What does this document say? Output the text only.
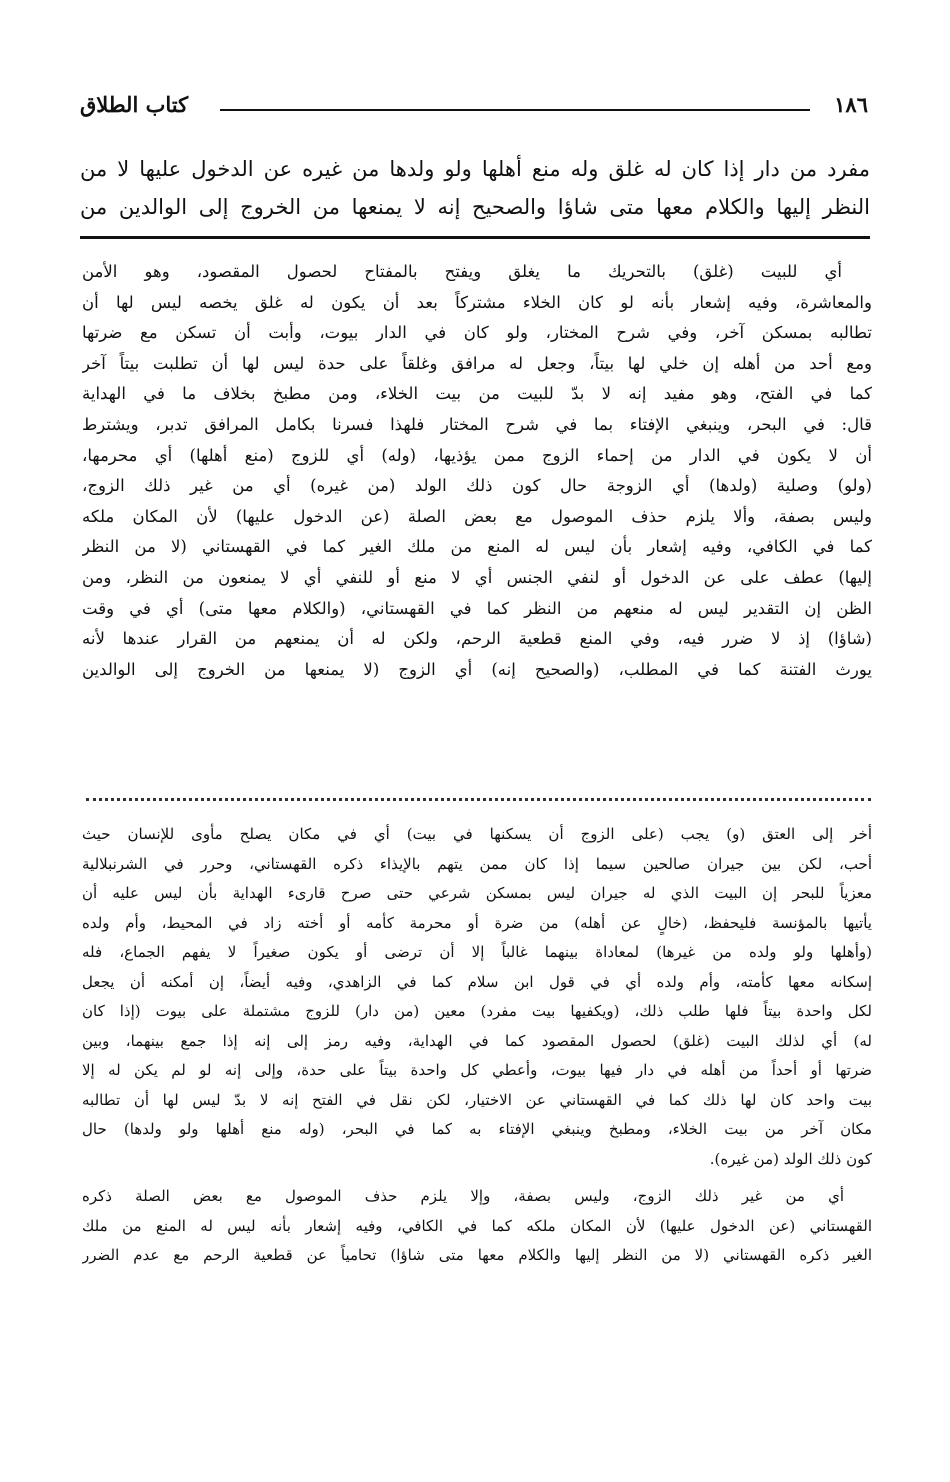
١٨٦
كتاب الطلاق
مفرد من دار إذا كان له غلق وله منع أهلها ولو ولدها من غيره عن الدخول عليها لا من
النظر إليها والكلام معها متى شاؤا والصحيح إنه لا يمنعها من الخروج إلى الوالدين من
أي للبيت (غلق) بالتحريك ما يغلق ويفتح بالمفتاح لحصول المقصود، وهو الأمن
والمعاشرة، وفيه إشعار بأنه لو كان الخلاء مشتركاً بعد أن يكون له غلق يخصه ليس لها أن
تطالبه بمسكن آخر، وفي شرح المختار، ولو كان في الدار بيوت، وأبت أن تسكن مع ضرتها
ومع أحد من أهله إن خلي لها بيتاً، وجعل له مرافق وغلقاً على حدة ليس لها أن تطلبت بيتاً آخر
كما في الفتح، وهو مفيد إنه لا بدّ للبيت من بيت الخلاء، ومن مطبخ بخلاف ما في الهداية
قال: في البحر، وينبغي الإفتاء بما في شرح المختار فلهذا فسرنا بكامل المرافق تدبر، ويشترط
أن لا يكون في الدار من إحماء الزوج ممن يؤذيها، (وله) أي للزوج (منع أهلها) أي محرمها،
(ولو) وصلية (ولدها) أي الزوجة حال كون ذلك الولد (من غيره) أي من غير ذلك الزوج،
وليس بصفة، وألا يلزم حذف الموصول مع بعض الصلة (عن الدخول عليها) لأن المكان ملكه
كما في الكافي، وفيه إشعار بأن ليس له المنع من ملك الغير كما في القهستاني (لا من النظر
إليها) عطف على عن الدخول أو لنفي الجنس أي لا منع أو للنفي أي لا يمنعون من النظر، ومن
الظن إن التقدير ليس له منعهم من النظر كما في القهستاني، (والكلام معها متى) أي في وقت
(شاؤا) إذ لا ضرر فيه، وفي المنع قطعية الرحم، ولكن له أن يمنعهم من القرار عندها لأنه
يورث الفتنة كما في المطلب، (والصحيح إنه) أي الزوج (لا يمنعها من الخروج إلى الوالدين
أخر إلى العتق (و) يجب (على الزوج أن يسكنها في بيت) أي في مكان يصلح مأوى للإنسان حيث
أحب، لكن بين جيران صالحين سيما إذا كان ممن يتهم بالإيذاء ذكره القهستاني، وحرر في الشرنبلالية
معزياً للبحر إن البيت الذي له جيران ليس بمسكن شرعي حتى صرح قارىء الهداية بأن ليس عليه أن
يأتيها بالمؤنسة فليحفظ، (خالٍ عن أهله) من ضرة أو محرمة كأمه أو أخته زاد في المحيط، وأم ولده
(وأهلها ولو ولده من غيرها) لمعاداة بينهما غالباً إلا أن ترضى أو يكون صغيراً لا يفهم الجماع، فله
إسكانه معها كأمته، وأم ولده أي في قول ابن سلام كما في الزاهدي، وفيه أيضاً، إن أمكنه أن يجعل
لكل واحدة بيتاً فلها طلب ذلك، (ويكفيها بيت مفرد) معين (من دار) للزوج مشتملة على بيوت (إذا كان
له) أي لذلك البيت (غلق) لحصول المقصود كما في الهداية، وفيه رمز إلى إنه إذا جمع بينهما، وبين
ضرتها أو أحداً من أهله في دار فيها بيوت، وأعطي كل واحدة بيتاً على حدة، وإلى إنه لو لم يكن له إلا
بيت واحد كان لها ذلك كما في القهستاني عن الاختيار، لكن نقل في الفتح إنه لا بدّ ليس لها أن تطالبه
مكان آخر من بيت الخلاء، ومطبخ وينبغي الإفتاء به كما في البحر، (وله منع أهلها ولو ولدها) حال
كون ذلك الولد (من غيره).
أي من غير ذلك الزوج، وليس بصفة، وإلا يلزم حذف الموصول مع بعض الصلة ذكره
القهستاني (عن الدخول عليها) لأن المكان ملكه كما في الكافي، وفيه إشعار بأنه ليس له المنع من ملك
الغير ذكره القهستاني (لا من النظر إليها والكلام معها متى شاؤا) تحامياً عن قطعية الرحم مع عدم الضرر
